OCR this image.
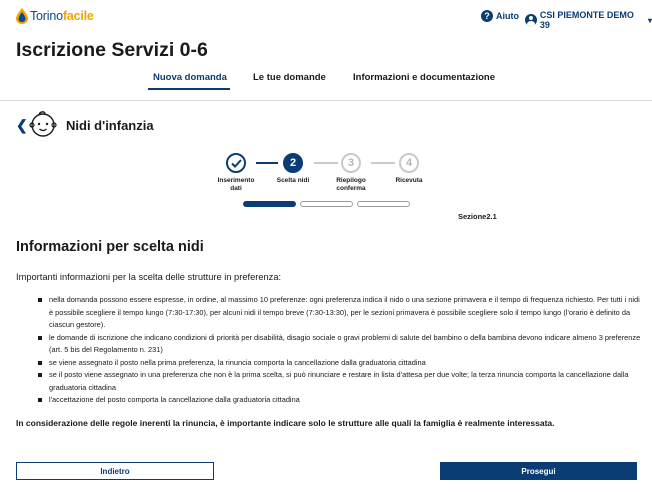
Torinofacile	? Aiuto CSI PIEMONTE DEMO 39	▾
Iscrizione Servizi 0-6
Nuova domanda	Le tue domande	Informazioni e documentazione
❮	Nidi d'infanzia
2	3	4
Inserimento
dati
Scelta nidi	Riepilogo
conferma
Ricevuta
Sezione2.1
Informazioni per scelta nidi

Importanti informazioni per la scelta delle strutture in preferenza:

nella domanda possono essere espresse, in ordine, al massimo 10 preferenze: ogni preferenza indica il nido o una sezione primavera e il tempo di frequenza richiesto. Per tutti i nidi è possibile scegliere il tempo lungo (7:30-17:30), per alcuni nidi il tempo breve (7:30-13:30), per le sezioni primavera è possibile scegliere solo il tempo lungo (l'orario è definito da ciascun gestore).
le domande di iscrizione che indicano condizioni di priorità per disabilità, disagio sociale o gravi problemi di salute del bambino o della bambina devono indicare almeno 3 preferenze (art. 5 bis del Regolamento n. 231)
se viene assegnato il posto nella prima preferenza, la rinuncia comporta la cancellazione dalla graduatoria cittadina
se il posto viene assegnato in una preferenza che non è la prima scelta, si può rinunciare e restare in lista d'attesa per due volte; la terza rinuncia comporta la cancellazione dalla graduatoria cittadina
l'accettazione del posto comporta la cancellazione dalla graduatoria cittadina

In considerazione delle regole inerenti la rinuncia, è importante indicare solo le strutture alle quali la famiglia è realmente interessata.

Indietro	Prosegui
